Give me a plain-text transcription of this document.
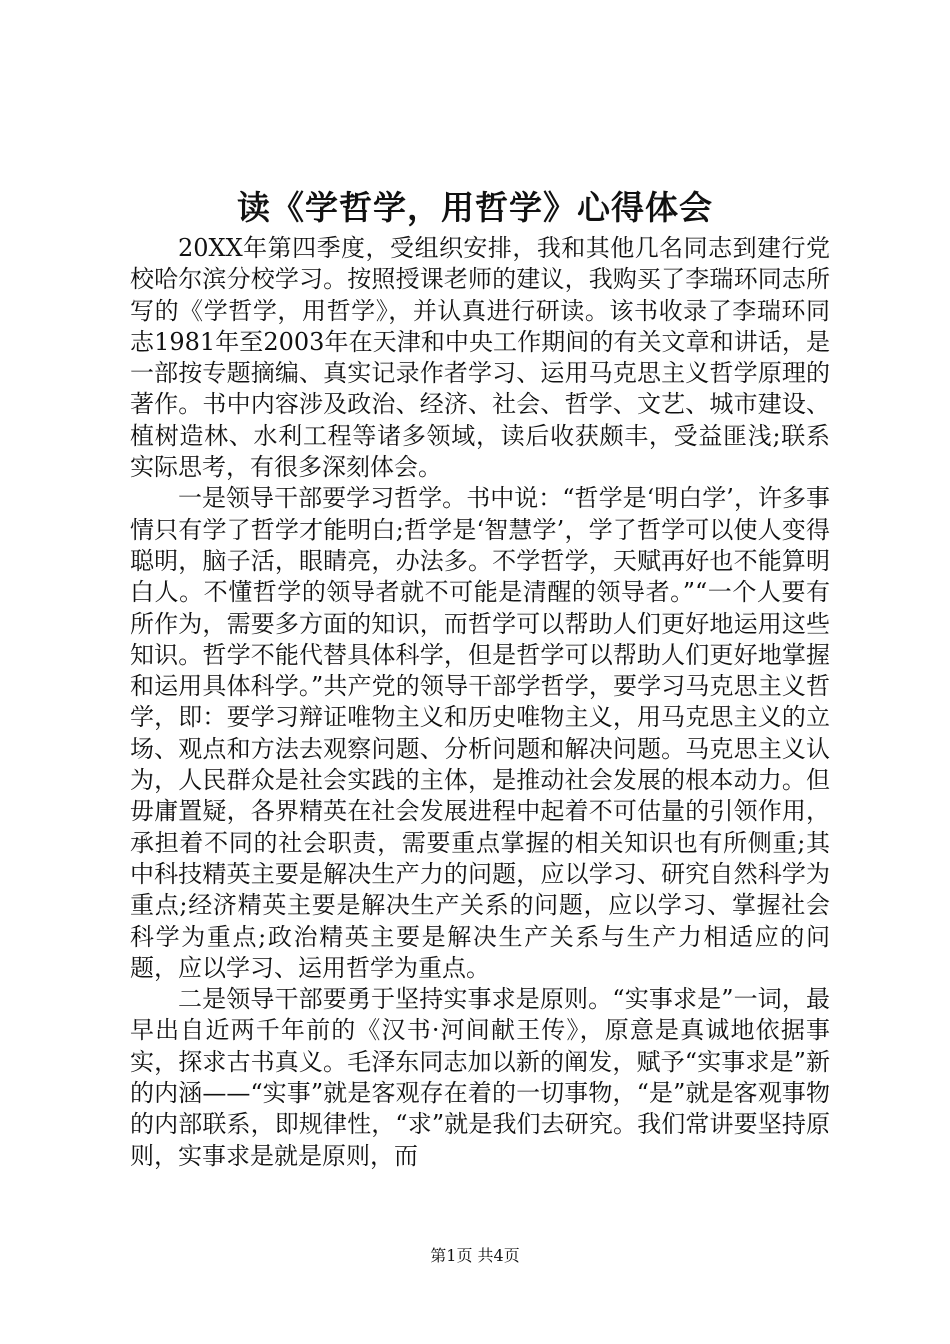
读《学哲学，用哲学》心得体会

20XX年第四季度，受组织安排，我和其他几名同志到建行党校哈尔滨分校学习。按照授课老师的建议，我购买了李瑞环同志所写的《学哲学，用哲学》，并认真进行研读。该书收录了李瑞环同志1981年至2003年在天津和中央工作期间的有关文章和讲话，是一部按专题摘编、真实记录作者学习、运用马克思主义哲学原理的著作。书中内容涉及政治、经济、社会、哲学、文艺、城市建设、植树造林、水利工程等诸多领域，读后收获颇丰，受益匪浅;联系实际思考，有很多深刻体会。

一是领导干部要学习哲学。书中说：“哲学是‘明白学’，许多事情只有学了哲学才能明白;哲学是‘智慧学’，学了哲学可以使人变得聪明，脑子活，眼睛亮，办法多。不学哲学，天赋再好也不能算明白人。不懂哲学的领导者就不可能是清醒的领导者。”“一个人要有所作为，需要多方面的知识，而哲学可以帮助人们更好地运用这些知识。哲学不能代替具体科学，但是哲学可以帮助人们更好地掌握和运用具体科学。”共产党的领导干部学哲学，要学习马克思主义哲学，即：要学习辩证唯物主义和历史唯物主义，用马克思主义的立场、观点和方法去观察问题、分析问题和解决问题。马克思主义认为，人民群众是社会实践的主体，是推动社会发展的根本动力。但毋庸置疑，各界精英在社会发展进程中起着不可估量的引领作用，承担着不同的社会职责，需要重点掌握的相关知识也有所侧重;其中科技精英主要是解决生产力的问题，应以学习、研究自然科学为重点;经济精英主要是解决生产关系的问题，应以学习、掌握社会科学为重点;政治精英主要是解决生产关系与生产力相适应的问题，应以学习、运用哲学为重点。

二是领导干部要勇于坚持实事求是原则。“实事求是”一词，最早出自近两千年前的《汉书·河间献王传》，原意是真诚地依据事实，探求古书真义。毛泽东同志加以新的阐发，赋予“实事求是”新的内涵——“实事”就是客观存在着的一切事物，“是”就是客观事物的内部联系，即规律性，“求”就是我们去研究。我们常讲要坚持原则，实事求是就是原则，而

第1页 共4页
